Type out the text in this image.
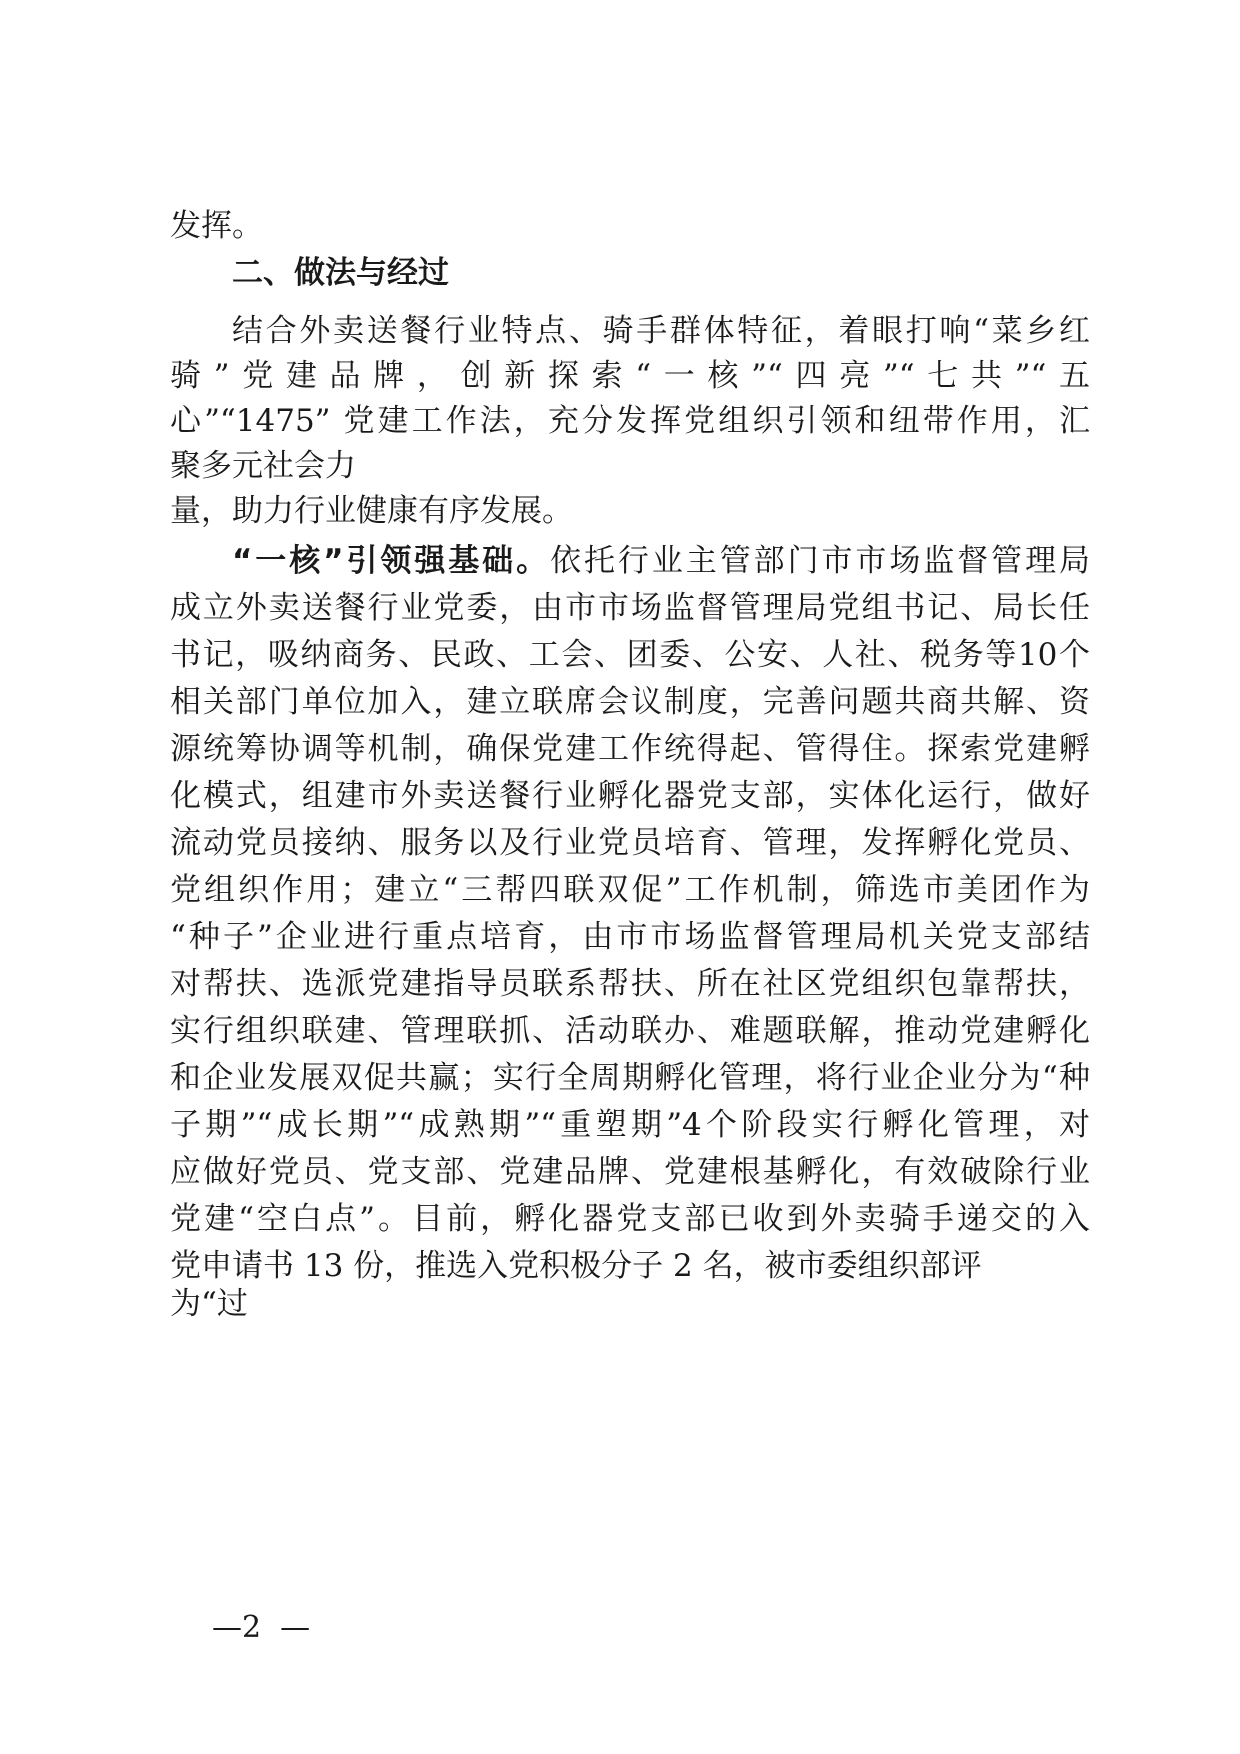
发挥。
二、做法与经过
结合外卖送餐行业特点、骑手群体特征，着眼打响“菜乡红
骑”党建品牌，创新探索“一核”“四亮”“七共”“五
心”“1475” 党建工作法，充分发挥党组织引领和纽带作用，汇
聚多元社会力
量，助力行业健康有序发展。
“一核”引领强基础。依托行业主管部门市市场监督管理局
成立外卖送餐行业党委，由市市场监督管理局党组书记、局长任
书记，吸纳商务、民政、工会、团委、公安、人社、税务等10个
相关部门单位加入，建立联席会议制度，完善问题共商共解、资
源统筹协调等机制，确保党建工作统得起、管得住。探索党建孵
化模式，组建市外卖送餐行业孵化器党支部，实体化运行，做好
流动党员接纳、服务以及行业党员培育、管理，发挥孵化党员、
党组织作用；建立“三帮四联双促”工作机制，筛选市美团作为
“种子”企业进行重点培育，由市市场监督管理局机关党支部结
对帮扶、选派党建指导员联系帮扶、所在社区党组织包靠帮扶，
实行组织联建、管理联抓、活动联办、难题联解，推动党建孵化
和企业发展双促共赢；实行全周期孵化管理，将行业企业分为“种
子期”“成长期”“成熟期”“重塑期”4个阶段实行孵化管理，对
应做好党员、党支部、党建品牌、党建根基孵化，有效破除行业
党建“空白点”。目前，孵化器党支部已收到外卖骑手递交的入
党申请书 13 份，推选入党积极分子 2 名，被市委组织部评
为“过
—2  —
